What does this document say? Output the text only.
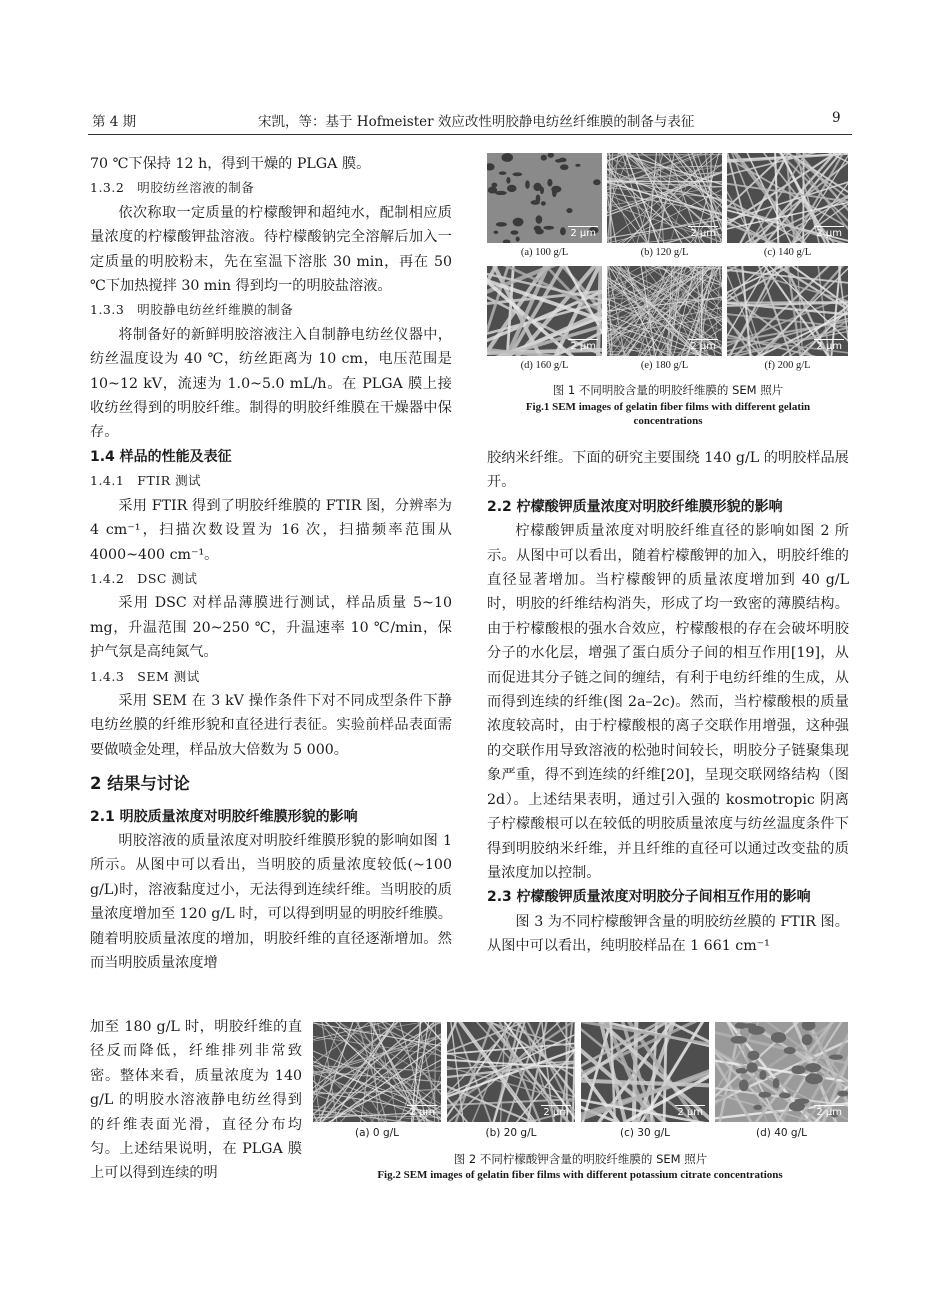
第 4 期	宋凯，等：基于 Hofmeister 效应改性明胶静电纺丝纤维膜的制备与表征	9

70 ℃下保持 12 h，得到干燥的 PLGA 膜。

1.3.2　明胶纺丝溶液的制备

依次称取一定质量的柠檬酸钾和超纯水，配制相应质量浓度的柠檬酸钾盐溶液。待柠檬酸钠完全溶解后加入一定质量的明胶粉末，先在室温下溶胀 30 min，再在 50 ℃下加热搅拌 30 min 得到均一的明胶盐溶液。

1.3.3　明胶静电纺丝纤维膜的制备

将制备好的新鲜明胶溶液注入自制静电纺丝仪器中，纺丝温度设为 40 ℃，纺丝距离为 10 cm，电压范围是 10~12 kV，流速为 1.0~5.0 mL/h。在 PLGA 膜上接收纺丝得到的明胶纤维。制得的明胶纤维膜在干燥器中保存。

1.4 样品的性能及表征

1.4.1　FTIR 测试

采用 FTIR 得到了明胶纤维膜的 FTIR 图，分辨率为 4 cm⁻¹，扫描次数设置为 16 次，扫描频率范围从 4000~400 cm⁻¹。

1.4.2　DSC 测试

采用 DSC 对样品薄膜进行测试，样品质量 5~10 mg，升温范围 20~250 ℃，升温速率 10 ℃/min，保护气氛是高纯氮气。

1.4.3　SEM 测试

采用 SEM 在 3 kV 操作条件下对不同成型条件下静电纺丝膜的纤维形貌和直径进行表征。实验前样品表面需要做喷金处理，样品放大倍数为 5 000。

2 结果与讨论

2.1 明胶质量浓度对明胶纤维膜形貌的影响

明胶溶液的质量浓度对明胶纤维膜形貌的影响如图 1 所示。从图中可以看出，当明胶的质量浓度较低(~100 g/L)时，溶液黏度过小，无法得到连续纤维。当明胶的质量浓度增加至 120 g/L 时，可以得到明显的明胶纤维膜。随着明胶质量浓度的增加，明胶纤维的直径逐渐增加。然而当明胶质量浓度增

加至 180 g/L 时，明胶纤维的直径反而降低，纤维排列非常致密。整体来看，质量浓度为 140 g/L 的明胶水溶液静电纺丝得到的纤维表面光滑，直径分布均匀。上述结果说明，在 PLGA 膜上可以得到连续的明

胶纳米纤维。下面的研究主要围绕 140 g/L 的明胶样品展开。

2.2 柠檬酸钾质量浓度对明胶纤维膜形貌的影响

柠檬酸钾质量浓度对明胶纤维直径的影响如图 2 所示。从图中可以看出，随着柠檬酸钾的加入，明胶纤维的直径显著增加。当柠檬酸钾的质量浓度增加到 40 g/L 时，明胶的纤维结构消失，形成了均一致密的薄膜结构。由于柠檬酸根的强水合效应，柠檬酸根的存在会破坏明胶分子的水化层，增强了蛋白质分子间的相互作用[19]，从而促进其分子链之间的缠结，有利于电纺纤维的生成，从而得到连续的纤维(图 2a–2c)。然而，当柠檬酸根的质量浓度较高时，由于柠檬酸根的离子交联作用增强，这种强的交联作用导致溶液的松弛时间较长，明胶分子链聚集现象严重，得不到连续的纤维[20]，呈现交联网络结构（图 2d）。上述结果表明，通过引入强的 kosmotropic 阴离子柠檬酸根可以在较低的明胶质量浓度与纺丝温度条件下得到明胶纳米纤维，并且纤维的直径可以通过改变盐的质量浓度加以控制。

2.3 柠檬酸钾质量浓度对明胶分子间相互作用的影响

图 3 为不同柠檬酸钾含量的明胶纺丝膜的 FTIR 图。从图中可以看出，纯明胶样品在 1 661 cm⁻¹

2 μm	2 μm	2 μm
(a) 100 g/L	(b) 120 g/L	(c) 140 g/L
2 μm	2 μm	2 μm
(d) 160 g/L	(e) 180 g/L	(f) 200 g/L
图 1 不同明胶含量的明胶纤维膜的 SEM 照片
Fig.1 SEM images of gelatin fiber films with different gelatin
concentrations
2 μm	2 μm	2 μm	2 μm
(a) 0 g/L	(b) 20 g/L	(c) 30 g/L	(d) 40 g/L
图 2 不同柠檬酸钾含量的明胶纤维膜的 SEM 照片
Fig.2 SEM images of gelatin fiber films with different potassium citrate concentrations
